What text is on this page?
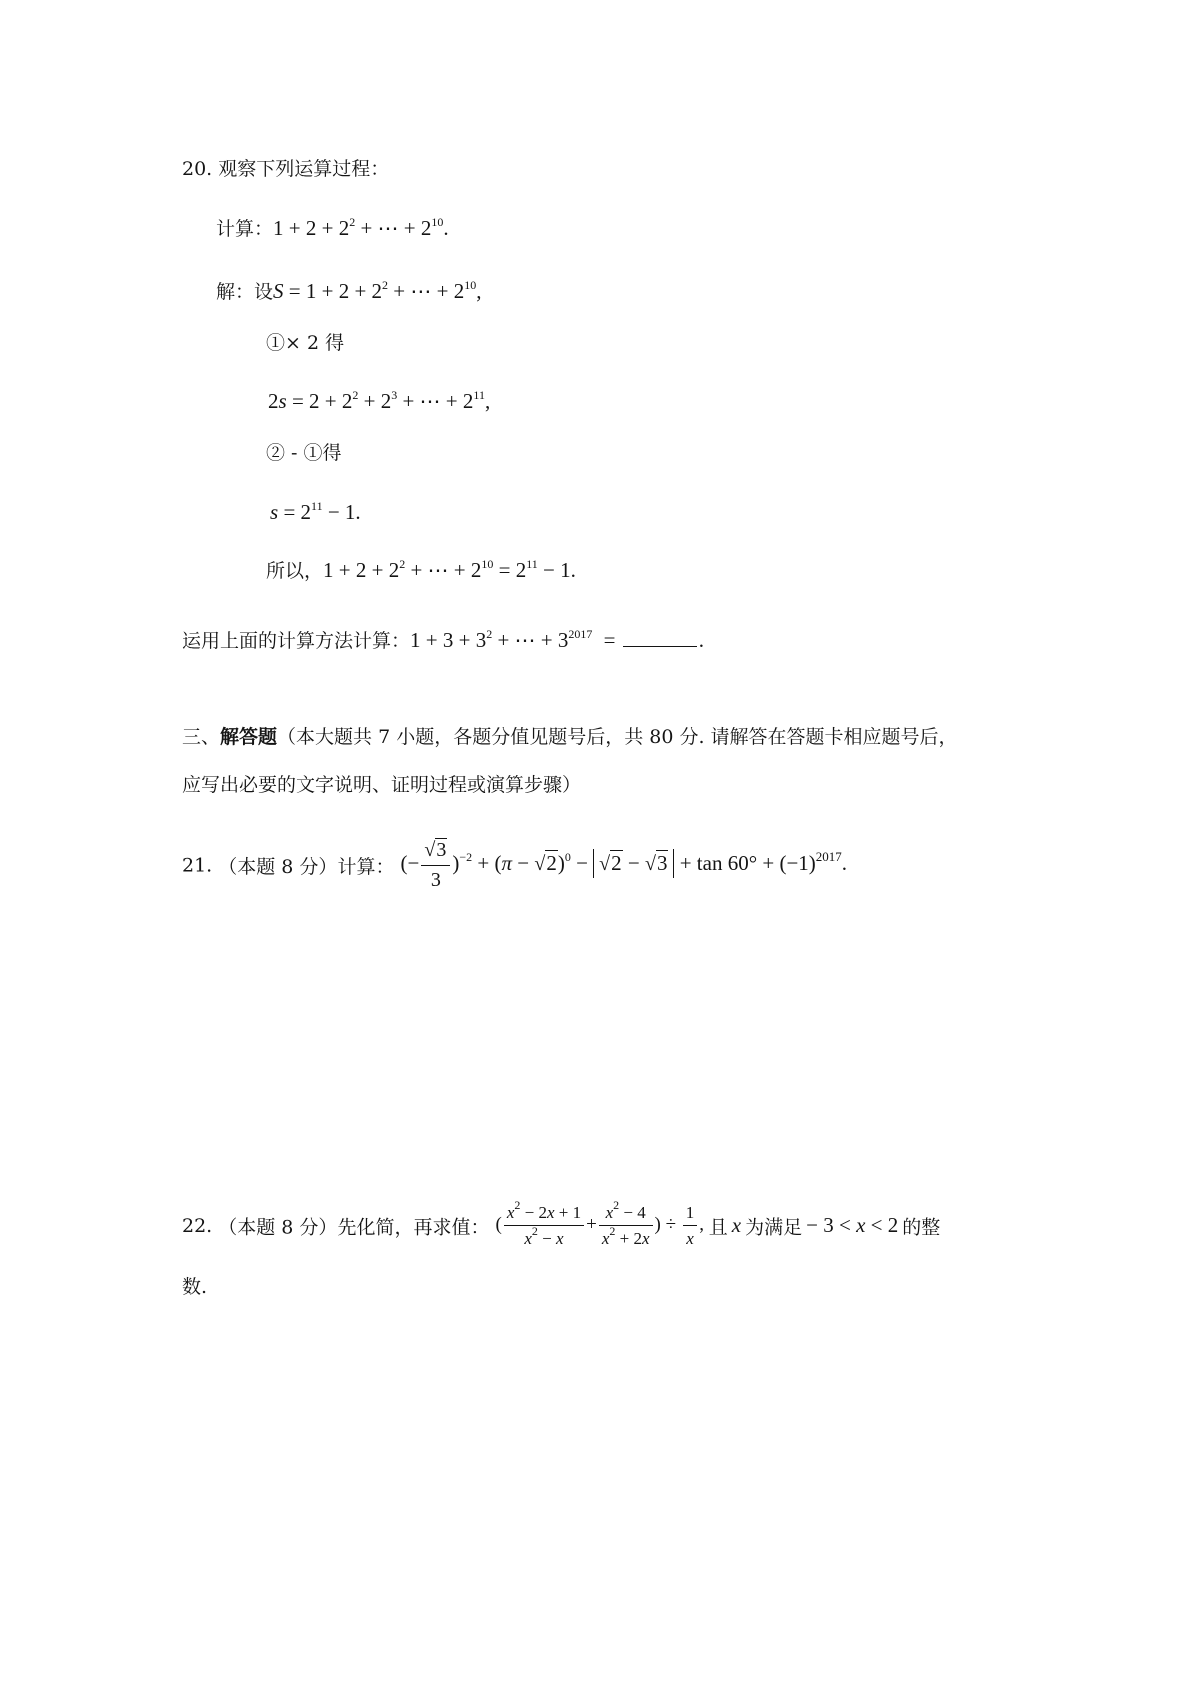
20. 观察下列运算过程：
计算：$1 + 2 + 2^2$ + ⋯ + $2^{10}$.
解：设$S = 1 + 2 + 2^2$ + ⋯ + $2^{10}$,
①× 2 得
$2s = 2 + 2^2 + 2^3$ + ⋯ + $2^{11}$,
② - ①得
$s = 2^{11} - 1$.
所以，$1 + 2 + 2^2$ + ⋯ + $2^{10} = 2^{11} - 1$.
运用上面的计算方法计算：$1 + 3 + 3^2$ + ⋯ + $3^{2017}$ =	.
三、解答题（本大题共 7 小题，各题分值见题号后，共 80 分. 请解答在答题卡相应题号后，
应写出必要的文字说明、证明过程或演算步骤）
21. （本题 8 分）计算： (− $\frac{√3}{3} )^{-2} + (\pi - √2)^0 - √2 - √3 + \tan 60^\circ + (-1)^{2017}$.
22. （本题 8 分）先化简，再求值： ( $\frac{x^2 - 2x + 1}{x^2 - x} + \frac{x^2 - 4}{x^2 + 2x}$ ) ÷ $\frac{1}{x}$ , 且 x 为满足 − 3 < x < 2 的整
数.
